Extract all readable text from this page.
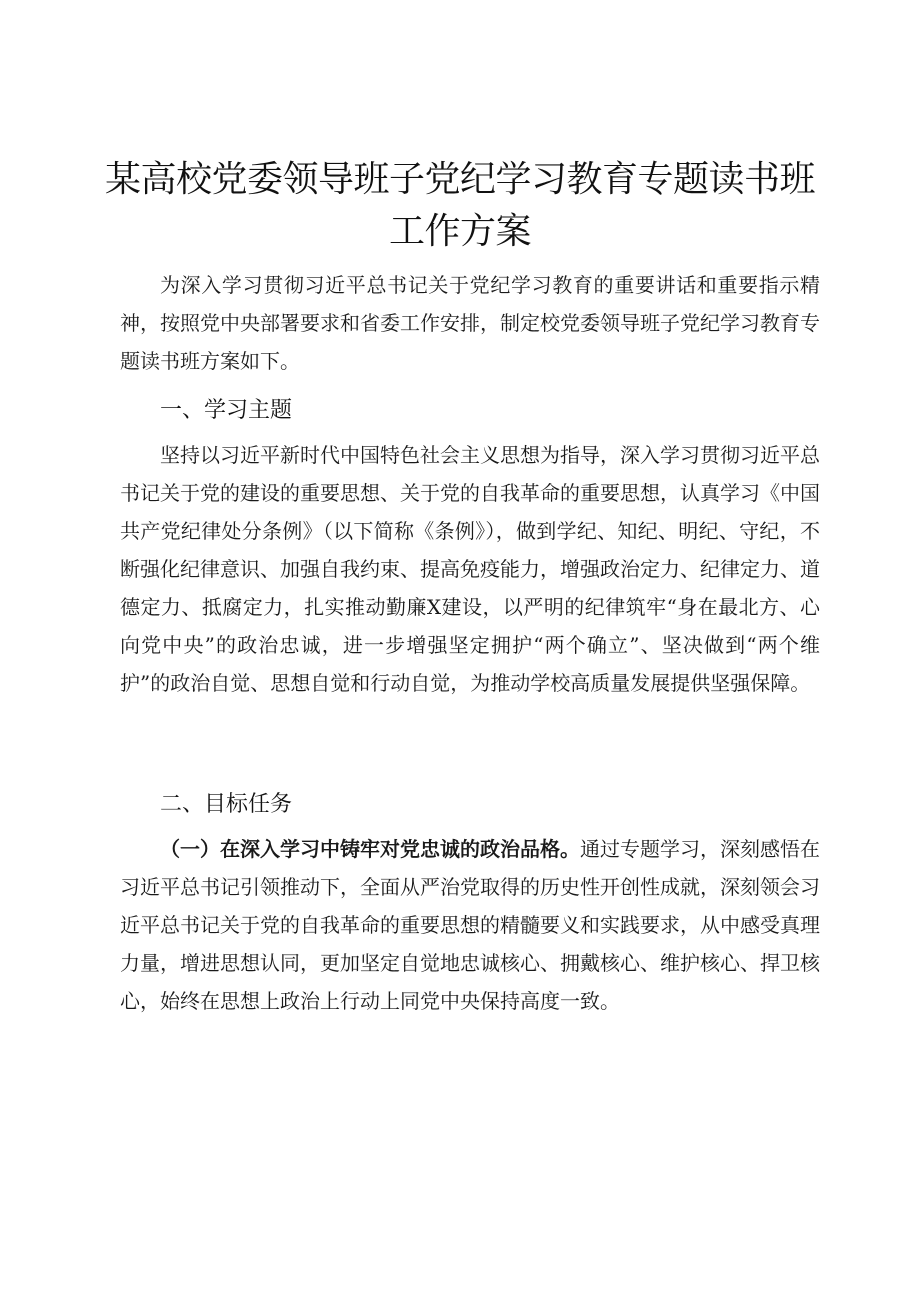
某高校党委领导班子党纪学习教育专题读书班
工作方案

为深入学习贯彻习近平总书记关于党纪学习教育的重要讲话和重要指示精神，按照党中央部署要求和省委工作安排，制定校党委领导班子党纪学习教育专题读书班方案如下。

一、学习主题

坚持以习近平新时代中国特色社会主义思想为指导，深入学习贯彻习近平总书记关于党的建设的重要思想、关于党的自我革命的重要思想，认真学习《中国共产党纪律处分条例》（以下简称《条例》），做到学纪、知纪、明纪、守纪，不断强化纪律意识、加强自我约束、提高免疫能力，增强政治定力、纪律定力、道德定力、抵腐定力，扎实推动勤廉X建设，以严明的纪律筑牢“身在最北方、心向党中央”的政治忠诚，进一步增强坚定拥护“两个确立”、坚决做到“两个维护”的政治自觉、思想自觉和行动自觉，为推动学校高质量发展提供坚强保障。

二、目标任务

（一）在深入学习中铸牢对党忠诚的政治品格。通过专题学习，深刻感悟在习近平总书记引领推动下，全面从严治党取得的历史性开创性成就，深刻领会习近平总书记关于党的自我革命的重要思想的精髓要义和实践要求，从中感受真理力量，增进思想认同，更加坚定自觉地忠诚核心、拥戴核心、维护核心、捍卫核心，始终在思想上政治上行动上同党中央保持高度一致。
